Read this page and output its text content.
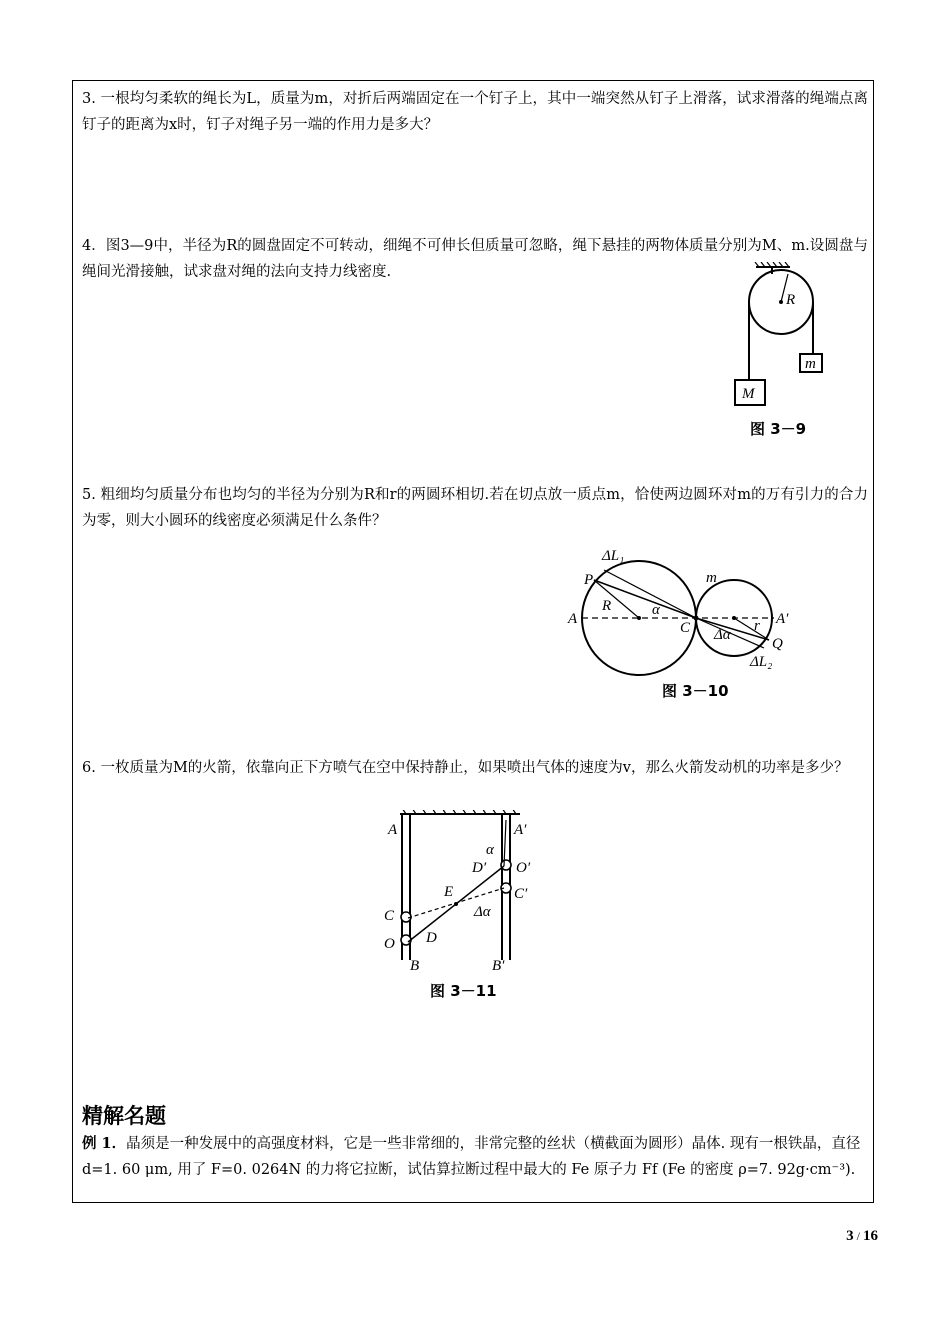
3. 一根均匀柔软的绳长为L，质量为m，对折后两端固定在一个钉子上，其中一端突然从钉子上滑落，试求滑落的绳端点离钉子的距离为x时，钉子对绳子另一端的作用力是多大？

4．图3—9中，半径为R的圆盘固定不可转动，细绳不可伸长但质量可忽略，绳下悬挂的两物体质量分别为M、m.设圆盘与绳间光滑接触，试求盘对绳的法向支持力线密度.

R
M
m
图 3－9

5. 粗细均匀质量分布也均匀的半径为分别为R和r的两圆环相切.若在切点放一质点m，恰使两边圆环对m的万有引力的合力为零，则大小圆环的线密度必须满足什么条件？

ΔL₁
P	m
A	A′
R
C
α
Δα
r
Q
ΔL₂
图 3－10

6. 一枚质量为M的火箭，依靠向正下方喷气在空中保持静止，如果喷出气体的速度为v，那么火箭发动机的功率是多少？

A	A′
α
D′ O′
E	C′
C	Δα
O D
B	B′
图 3－11
精解名题

例 1．晶须是一种发展中的高强度材料，它是一些非常细的，非常完整的丝状（横截面为圆形）晶体. 现有一根铁晶，直径 d=1. 60 μm, 用了 F=0. 0264N 的力将它拉断，试估算拉断过程中最大的 Fe 原子力 Ff (Fe 的密度 ρ=7. 92g·cm⁻³).

3 / 16
